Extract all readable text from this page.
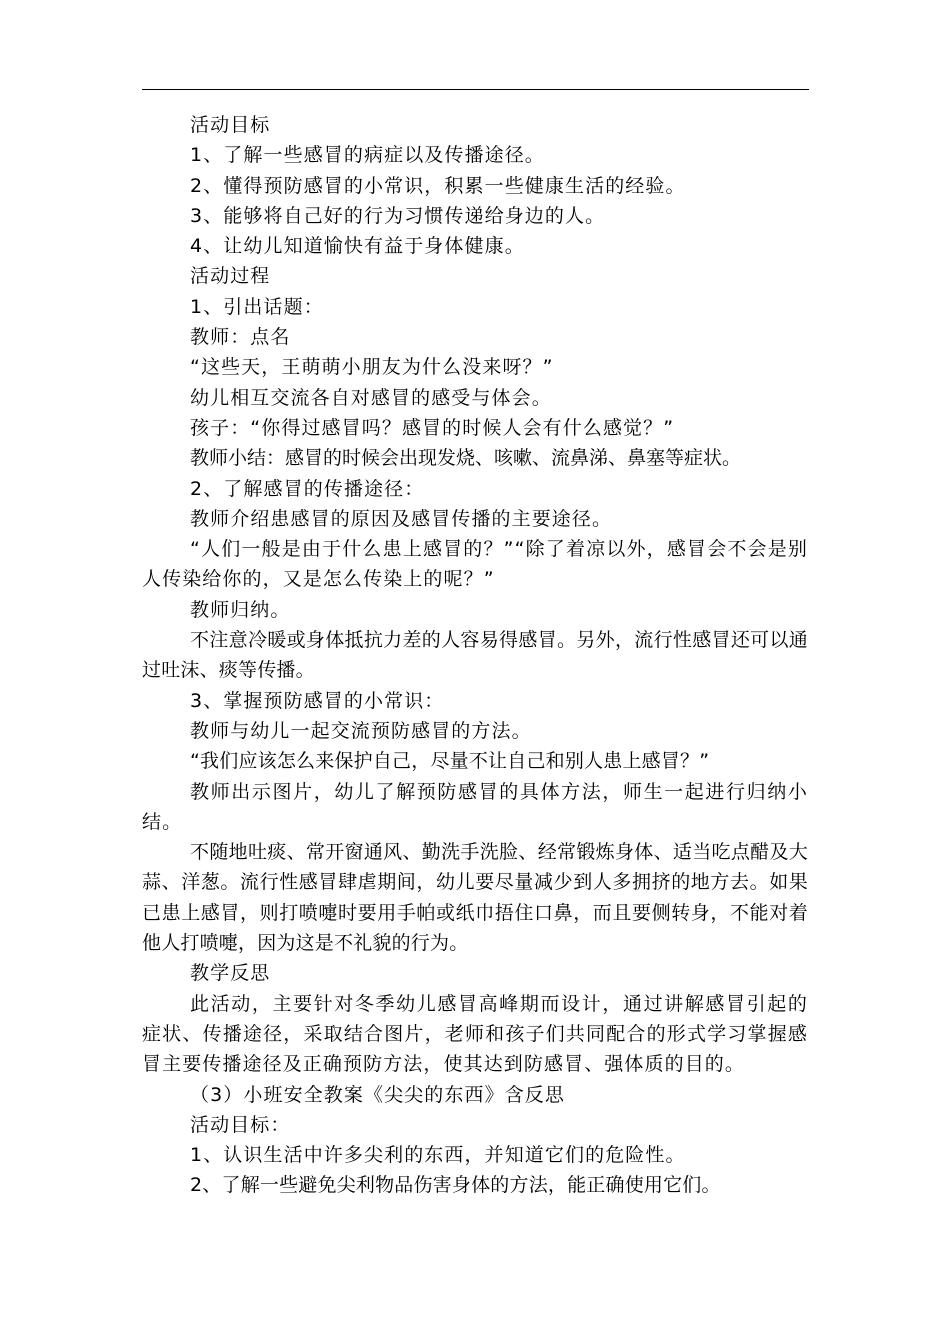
活动目标

1、了解一些感冒的病症以及传播途径。

2、懂得预防感冒的小常识，积累一些健康生活的经验。

3、能够将自己好的行为习惯传递给身边的人。

4、让幼儿知道愉快有益于身体健康。

活动过程

1、引出话题：

教师：点名

“这些天，王萌萌小朋友为什么没来呀？”

幼儿相互交流各自对感冒的感受与体会。

孩子：“你得过感冒吗？感冒的时候人会有什么感觉？”

教师小结：感冒的时候会出现发烧、咳嗽、流鼻涕、鼻塞等症状。

2、了解感冒的传播途径：

教师介绍患感冒的原因及感冒传播的主要途径。

“人们一般是由于什么患上感冒的？”“除了着凉以外，感冒会不会是别人传染给你的，又是怎么传染上的呢？”

教师归纳。

不注意冷暖或身体抵抗力差的人容易得感冒。另外，流行性感冒还可以通过吐沫、痰等传播。

3、掌握预防感冒的小常识：

教师与幼儿一起交流预防感冒的方法。

“我们应该怎么来保护自己，尽量不让自己和别人患上感冒？”

教师出示图片，幼儿了解预防感冒的具体方法，师生一起进行归纳小结。

不随地吐痰、常开窗通风、勤洗手洗脸、经常锻炼身体、适当吃点醋及大蒜、洋葱。流行性感冒肆虐期间，幼儿要尽量减少到人多拥挤的地方去。如果已患上感冒，则打喷嚏时要用手帕或纸巾捂住口鼻，而且要侧转身，不能对着他人打喷嚏，因为这是不礼貌的行为。

教学反思

此活动，主要针对冬季幼儿感冒高峰期而设计，通过讲解感冒引起的症状、传播途径，采取结合图片，老师和孩子们共同配合的形式学习掌握感冒主要传播途径及正确预防方法，使其达到防感冒、强体质的目的。

（3）小班安全教案《尖尖的东西》含反思

活动目标：

1、认识生活中许多尖利的东西，并知道它们的危险性。

2、了解一些避免尖利物品伤害身体的方法，能正确使用它们。
